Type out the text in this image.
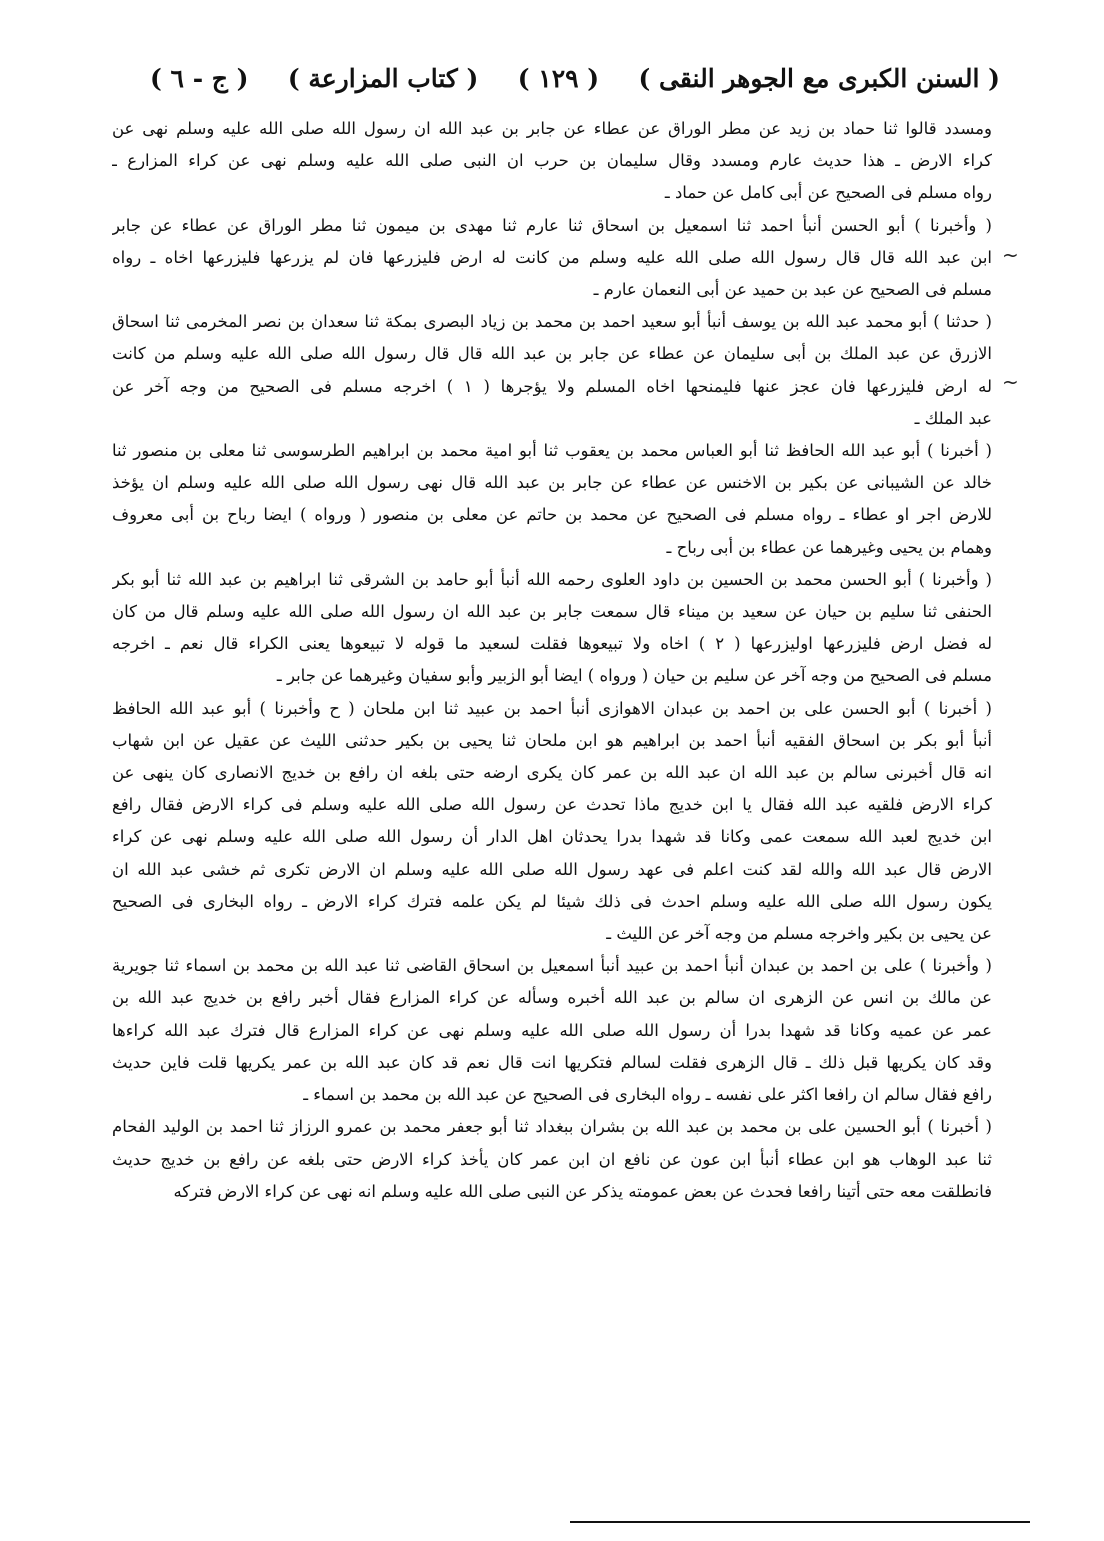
( السنن الكبرى مع الجوهر النقى )
( ١٢٩ )
( كتاب المزارعة )
( ج - ٦ )
~
~
ومسدد قالوا ثنا حماد بن زيد عن مطر الوراق عن عطاء عن جابر بن عبد الله ان رسول الله صلى الله عليه وسلم نهى عن
كراء الارض ـ هذا حديث عارم ومسدد وقال سليمان بن حرب ان النبى صلى الله عليه وسلم نهى عن كراء المزارع ـ
رواه مسلم فى الصحيح عن أبى كامل عن حماد ـ
( وأخبرنا ) أبو الحسن أنبأ احمد ثنا اسمعيل بن اسحاق ثنا عارم ثنا مهدى بن ميمون ثنا مطر الوراق عن عطاء عن جابر
ابن عبد الله قال قال رسول الله صلى الله عليه وسلم من كانت له ارض فليزرعها فان لم يزرعها فليزرعها اخاه ـ رواه
مسلم فى الصحيح عن عبد بن حميد عن أبى النعمان عارم ـ
( حدثنا ) أبو محمد عبد الله بن يوسف أنبأ أبو سعيد احمد بن محمد بن زياد البصرى بمكة ثنا سعدان بن نصر المخرمى ثنا اسحاق
الازرق عن عبد الملك بن أبى سليمان عن عطاء عن جابر بن عبد الله قال قال رسول الله صلى الله عليه وسلم من كانت
له ارض فليزرعها فان عجز عنها فليمنحها اخاه المسلم ولا يؤجرها ( ١ ) اخرجه مسلم فى الصحيح من وجه آخر عن
عبد الملك ـ
( أخبرنا ) أبو عبد الله الحافظ ثنا أبو العباس محمد بن يعقوب ثنا أبو امية محمد بن ابراهيم الطرسوسى ثنا معلى بن منصور ثنا
خالد عن الشيبانى عن بكير بن الاخنس عن عطاء عن جابر بن عبد الله قال نهى رسول الله صلى الله عليه وسلم ان يؤخذ
للارض اجر او عطاء ـ رواه مسلم فى الصحيح عن محمد بن حاتم عن معلى بن منصور ( ورواه ) ايضا رباح بن أبى معروف
وهمام بن يحيى وغيرهما عن عطاء بن أبى رباح ـ
( وأخبرنا ) أبو الحسن محمد بن الحسين بن داود العلوى رحمه الله أنبأ أبو حامد بن الشرقى ثنا ابراهيم بن عبد الله ثنا أبو بكر
الحنفى ثنا سليم بن حيان عن سعيد بن ميناء قال سمعت جابر بن عبد الله ان رسول الله صلى الله عليه وسلم قال من كان
له فضل ارض فليزرعها اوليزرعها ( ٢ ) اخاه ولا تبيعوها فقلت لسعيد ما قوله لا تبيعوها يعنى الكراء قال نعم ـ اخرجه
مسلم فى الصحيح من وجه آخر عن سليم بن حيان ( ورواه ) ايضا أبو الزبير وأبو سفيان وغيرهما عن جابر ـ
( أخبرنا ) أبو الحسن على بن احمد بن عبدان الاهوازى أنبأ احمد بن عبيد ثنا ابن ملحان ( ح وأخبرنا ) أبو عبد الله الحافظ
أنبأ أبو بكر بن اسحاق الفقيه أنبأ احمد بن ابراهيم هو ابن ملحان ثنا يحيى بن بكير حدثنى الليث عن عقيل عن ابن شهاب
انه قال أخبرنى سالم بن عبد الله ان عبد الله بن عمر كان يكرى ارضه حتى بلغه ان رافع بن خديج الانصارى كان ينهى عن
كراء الارض فلقيه عبد الله فقال يا ابن خديج ماذا تحدث عن رسول الله صلى الله عليه وسلم فى كراء الارض فقال رافع
ابن خديج لعبد الله سمعت عمى وكانا قد شهدا بدرا يحدثان اهل الدار أن رسول الله صلى الله عليه وسلم نهى عن كراء
الارض قال عبد الله والله لقد كنت اعلم فى عهد رسول الله صلى الله عليه وسلم ان الارض تكرى ثم خشى عبد الله ان
يكون رسول الله صلى الله عليه وسلم احدث فى ذلك شيئا لم يكن علمه فترك كراء الارض ـ رواه البخارى فى الصحيح
عن يحيى بن بكير واخرجه مسلم من وجه آخر عن الليث ـ
( وأخبرنا ) على بن احمد بن عبدان أنبأ احمد بن عبيد أنبأ اسمعيل بن اسحاق القاضى ثنا عبد الله بن محمد بن اسماء ثنا جويرية
عن مالك بن انس عن الزهرى ان سالم بن عبد الله أخبره وسأله عن كراء المزارع فقال أخبر رافع بن خديج عبد الله بن
عمر عن عميه وكانا قد شهدا بدرا أن رسول الله صلى الله عليه وسلم نهى عن كراء المزارع قال فترك عبد الله كراءها
وقد كان يكريها قبل ذلك ـ قال الزهرى فقلت لسالم فتكريها انت قال نعم قد كان عبد الله بن عمر يكريها قلت فاين حديث
رافع فقال سالم ان رافعا اكثر على نفسه ـ رواه البخارى فى الصحيح عن عبد الله بن محمد بن اسماء ـ
( أخبرنا ) أبو الحسين على بن محمد بن عبد الله بن بشران ببغداد ثنا أبو جعفر محمد بن عمرو الرزاز ثنا احمد بن الوليد الفحام
ثنا عبد الوهاب هو ابن عطاء أنبأ ابن عون عن نافع ان ابن عمر كان يأخذ كراء الارض حتى بلغه عن رافع بن خديج حديث
فانطلقت معه حتى أتينا رافعا فحدث عن بعض عمومته يذكر عن النبى صلى الله عليه وسلم انه نهى عن كراء الارض فتركه
